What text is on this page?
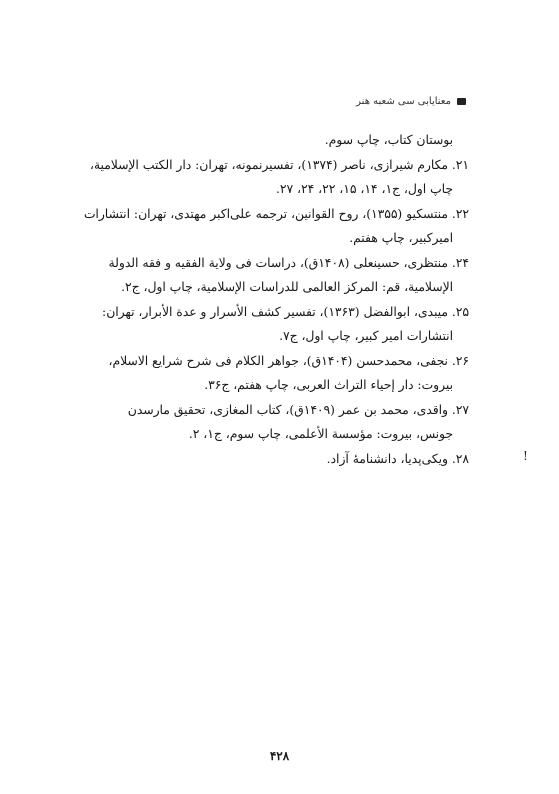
معنایابی سی شعبه هنر
بوستان کتاب، چاپ سوم.
۲۱. مکارم شیرازی، ناصر (۱۳۷۴)، تفسیرنمونه، تهران: دار الکتب الإسلامیة،
چاپ اول، ج۱، ۱۴، ۱۵، ۲۲، ۲۴، ۲۷.
۲۲. منتسکیو (۱۳۵۵)، روح القوانین، ترجمه علی‌اکبر مهتدی، تهران: انتشارات
امیرکبیر، چاپ هفتم.
۲۴. منتظری، حسینعلی (۱۴۰۸ق)، دراسات فی ولایة الفقیه و فقه الدولة
الإسلامیة، قم: المرکز العالمی للدراسات الإسلامیة، چاپ اول، ج۲.
۲۵. میبدی، ابوالفضل (۱۳۶۳)، تفسیر کشف الأسرار و عدة الأبرار، تهران:
انتشارات امیر کبیر، چاپ اول، ج۷.
۲۶. نجفی، محمدحسن (۱۴۰۴ق)، جواهر الکلام فی شرح شرایع الاسلام،
بیروت: دار إحیاء التراث العربی، چاپ هفتم، ج۳۶.
۲۷. واقدی، محمد بن عمر (۱۴۰۹ق)، کتاب المغازی، تحقیق مارسدن
جونس، بیروت: مؤسسة الأعلمی، چاپ سوم، ج۱، ۲.
۲۸. ویکی‌پدیا، دانشنامهٔ آزاد.	!
۴۲۸
